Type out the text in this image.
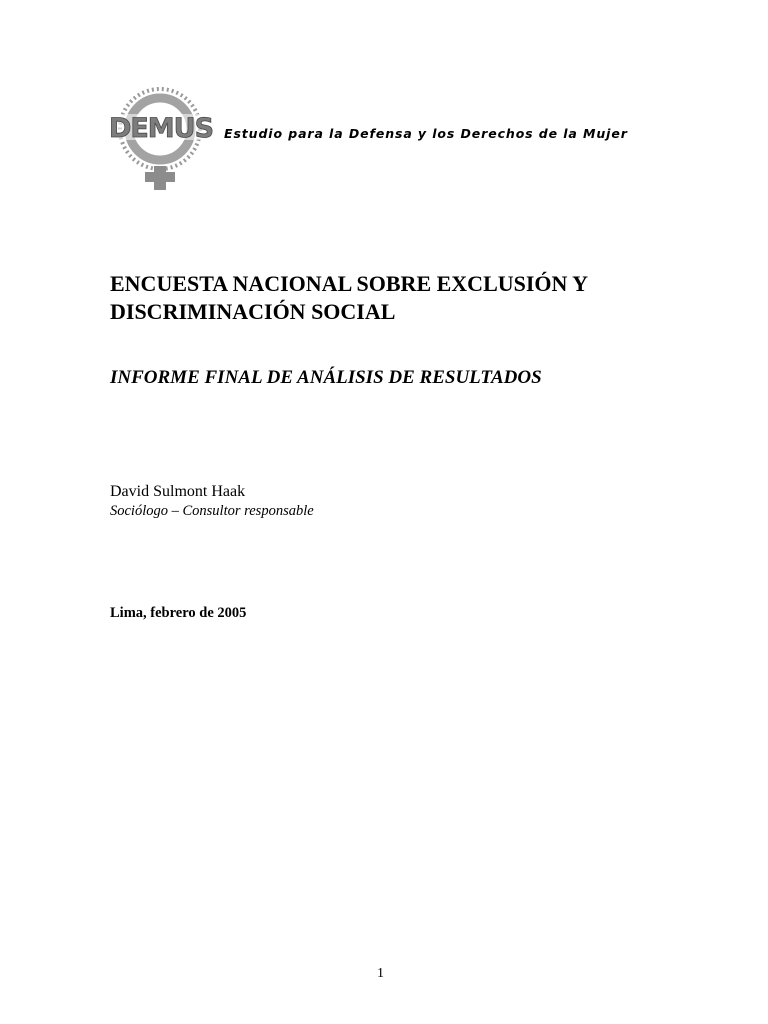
DEMUS Estudio para la Defensa y los Derechos de la Mujer
ENCUESTA NACIONAL SOBRE EXCLUSIÓN Y DISCRIMINACIÓN SOCIAL
INFORME FINAL DE ANÁLISIS DE RESULTADOS
David Sulmont Haak
Sociólogo – Consultor responsable
Lima, febrero de 2005
1
